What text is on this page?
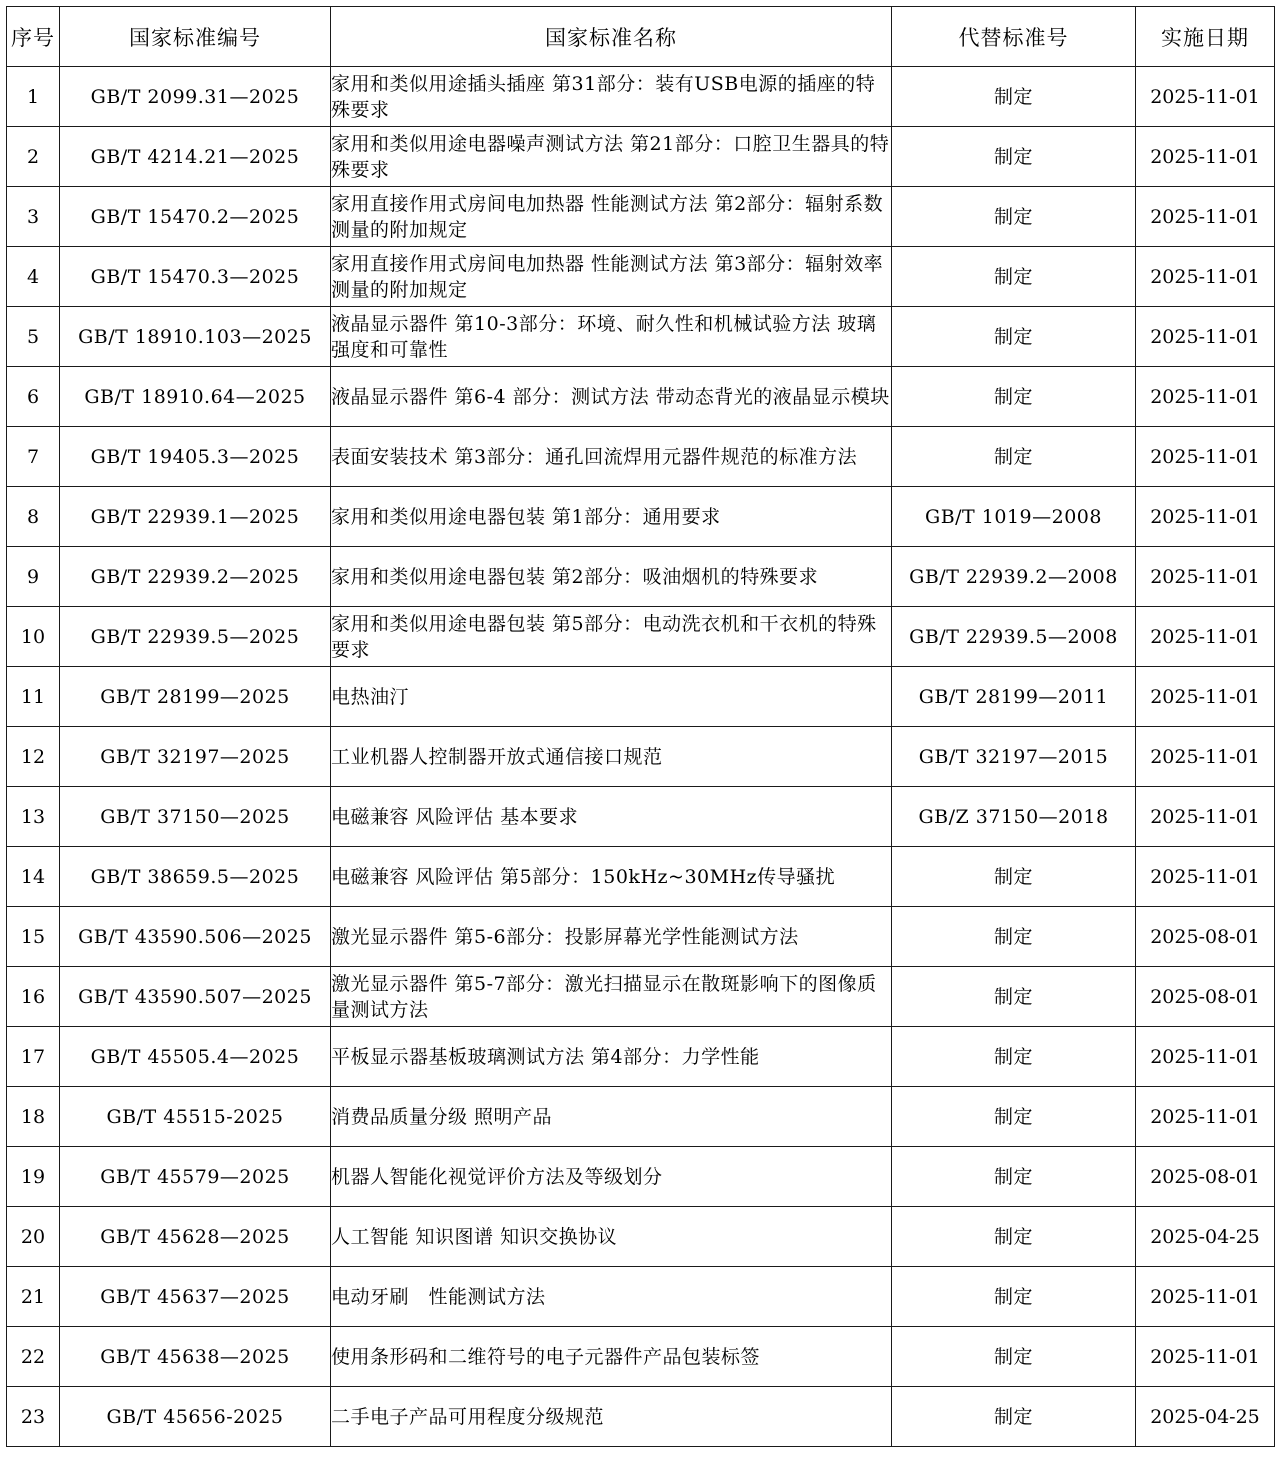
序号	国家标准编号	国家标准名称	代替标准号	实施日期
1	GB/T 2099.31—2025	家用和类似用途插头插座 第31部分：装有USB电源的插座的特殊要求	制定	2025-11-01
2	GB/T 4214.21—2025	家用和类似用途电器噪声测试方法 第21部分：口腔卫生器具的特殊要求	制定	2025-11-01
3	GB/T 15470.2—2025	家用直接作用式房间电加热器 性能测试方法 第2部分：辐射系数测量的附加规定	制定	2025-11-01
4	GB/T 15470.3—2025	家用直接作用式房间电加热器 性能测试方法 第3部分：辐射效率测量的附加规定	制定	2025-11-01
5	GB/T 18910.103—2025	液晶显示器件 第10-3部分：环境、耐久性和机械试验方法 玻璃强度和可靠性	制定	2025-11-01
6	GB/T 18910.64—2025	液晶显示器件 第6-4 部分：测试方法 带动态背光的液晶显示模块	制定	2025-11-01
7	GB/T 19405.3—2025	表面安装技术 第3部分：通孔回流焊用元器件规范的标准方法	制定	2025-11-01
8	GB/T 22939.1—2025	家用和类似用途电器包装 第1部分：通用要求	GB/T 1019—2008	2025-11-01
9	GB/T 22939.2—2025	家用和类似用途电器包装 第2部分：吸油烟机的特殊要求	GB/T 22939.2—2008	2025-11-01
10	GB/T 22939.5—2025	家用和类似用途电器包装 第5部分：电动洗衣机和干衣机的特殊要求	GB/T 22939.5—2008	2025-11-01
11	GB/T 28199—2025	电热油汀	GB/T 28199—2011	2025-11-01
12	GB/T 32197—2025	工业机器人控制器开放式通信接口规范	GB/T 32197—2015	2025-11-01
13	GB/T 37150—2025	电磁兼容 风险评估 基本要求	GB/Z 37150—2018	2025-11-01
14	GB/T 38659.5—2025	电磁兼容 风险评估 第5部分：150kHz~30MHz传导骚扰	制定	2025-11-01
15	GB/T 43590.506—2025	激光显示器件 第5-6部分：投影屏幕光学性能测试方法	制定	2025-08-01
16	GB/T 43590.507—2025	激光显示器件 第5-7部分：激光扫描显示在散斑影响下的图像质量测试方法	制定	2025-08-01
17	GB/T 45505.4—2025	平板显示器基板玻璃测试方法 第4部分：力学性能	制定	2025-11-01
18	GB/T 45515-2025	消费品质量分级 照明产品	制定	2025-11-01
19	GB/T 45579—2025	机器人智能化视觉评价方法及等级划分	制定	2025-08-01
20	GB/T 45628—2025	人工智能 知识图谱 知识交换协议	制定	2025-04-25
21	GB/T 45637—2025	电动牙刷　性能测试方法	制定	2025-11-01
22	GB/T 45638—2025	使用条形码和二维符号的电子元器件产品包装标签	制定	2025-11-01
23	GB/T 45656-2025	二手电子产品可用程度分级规范	制定	2025-04-25
